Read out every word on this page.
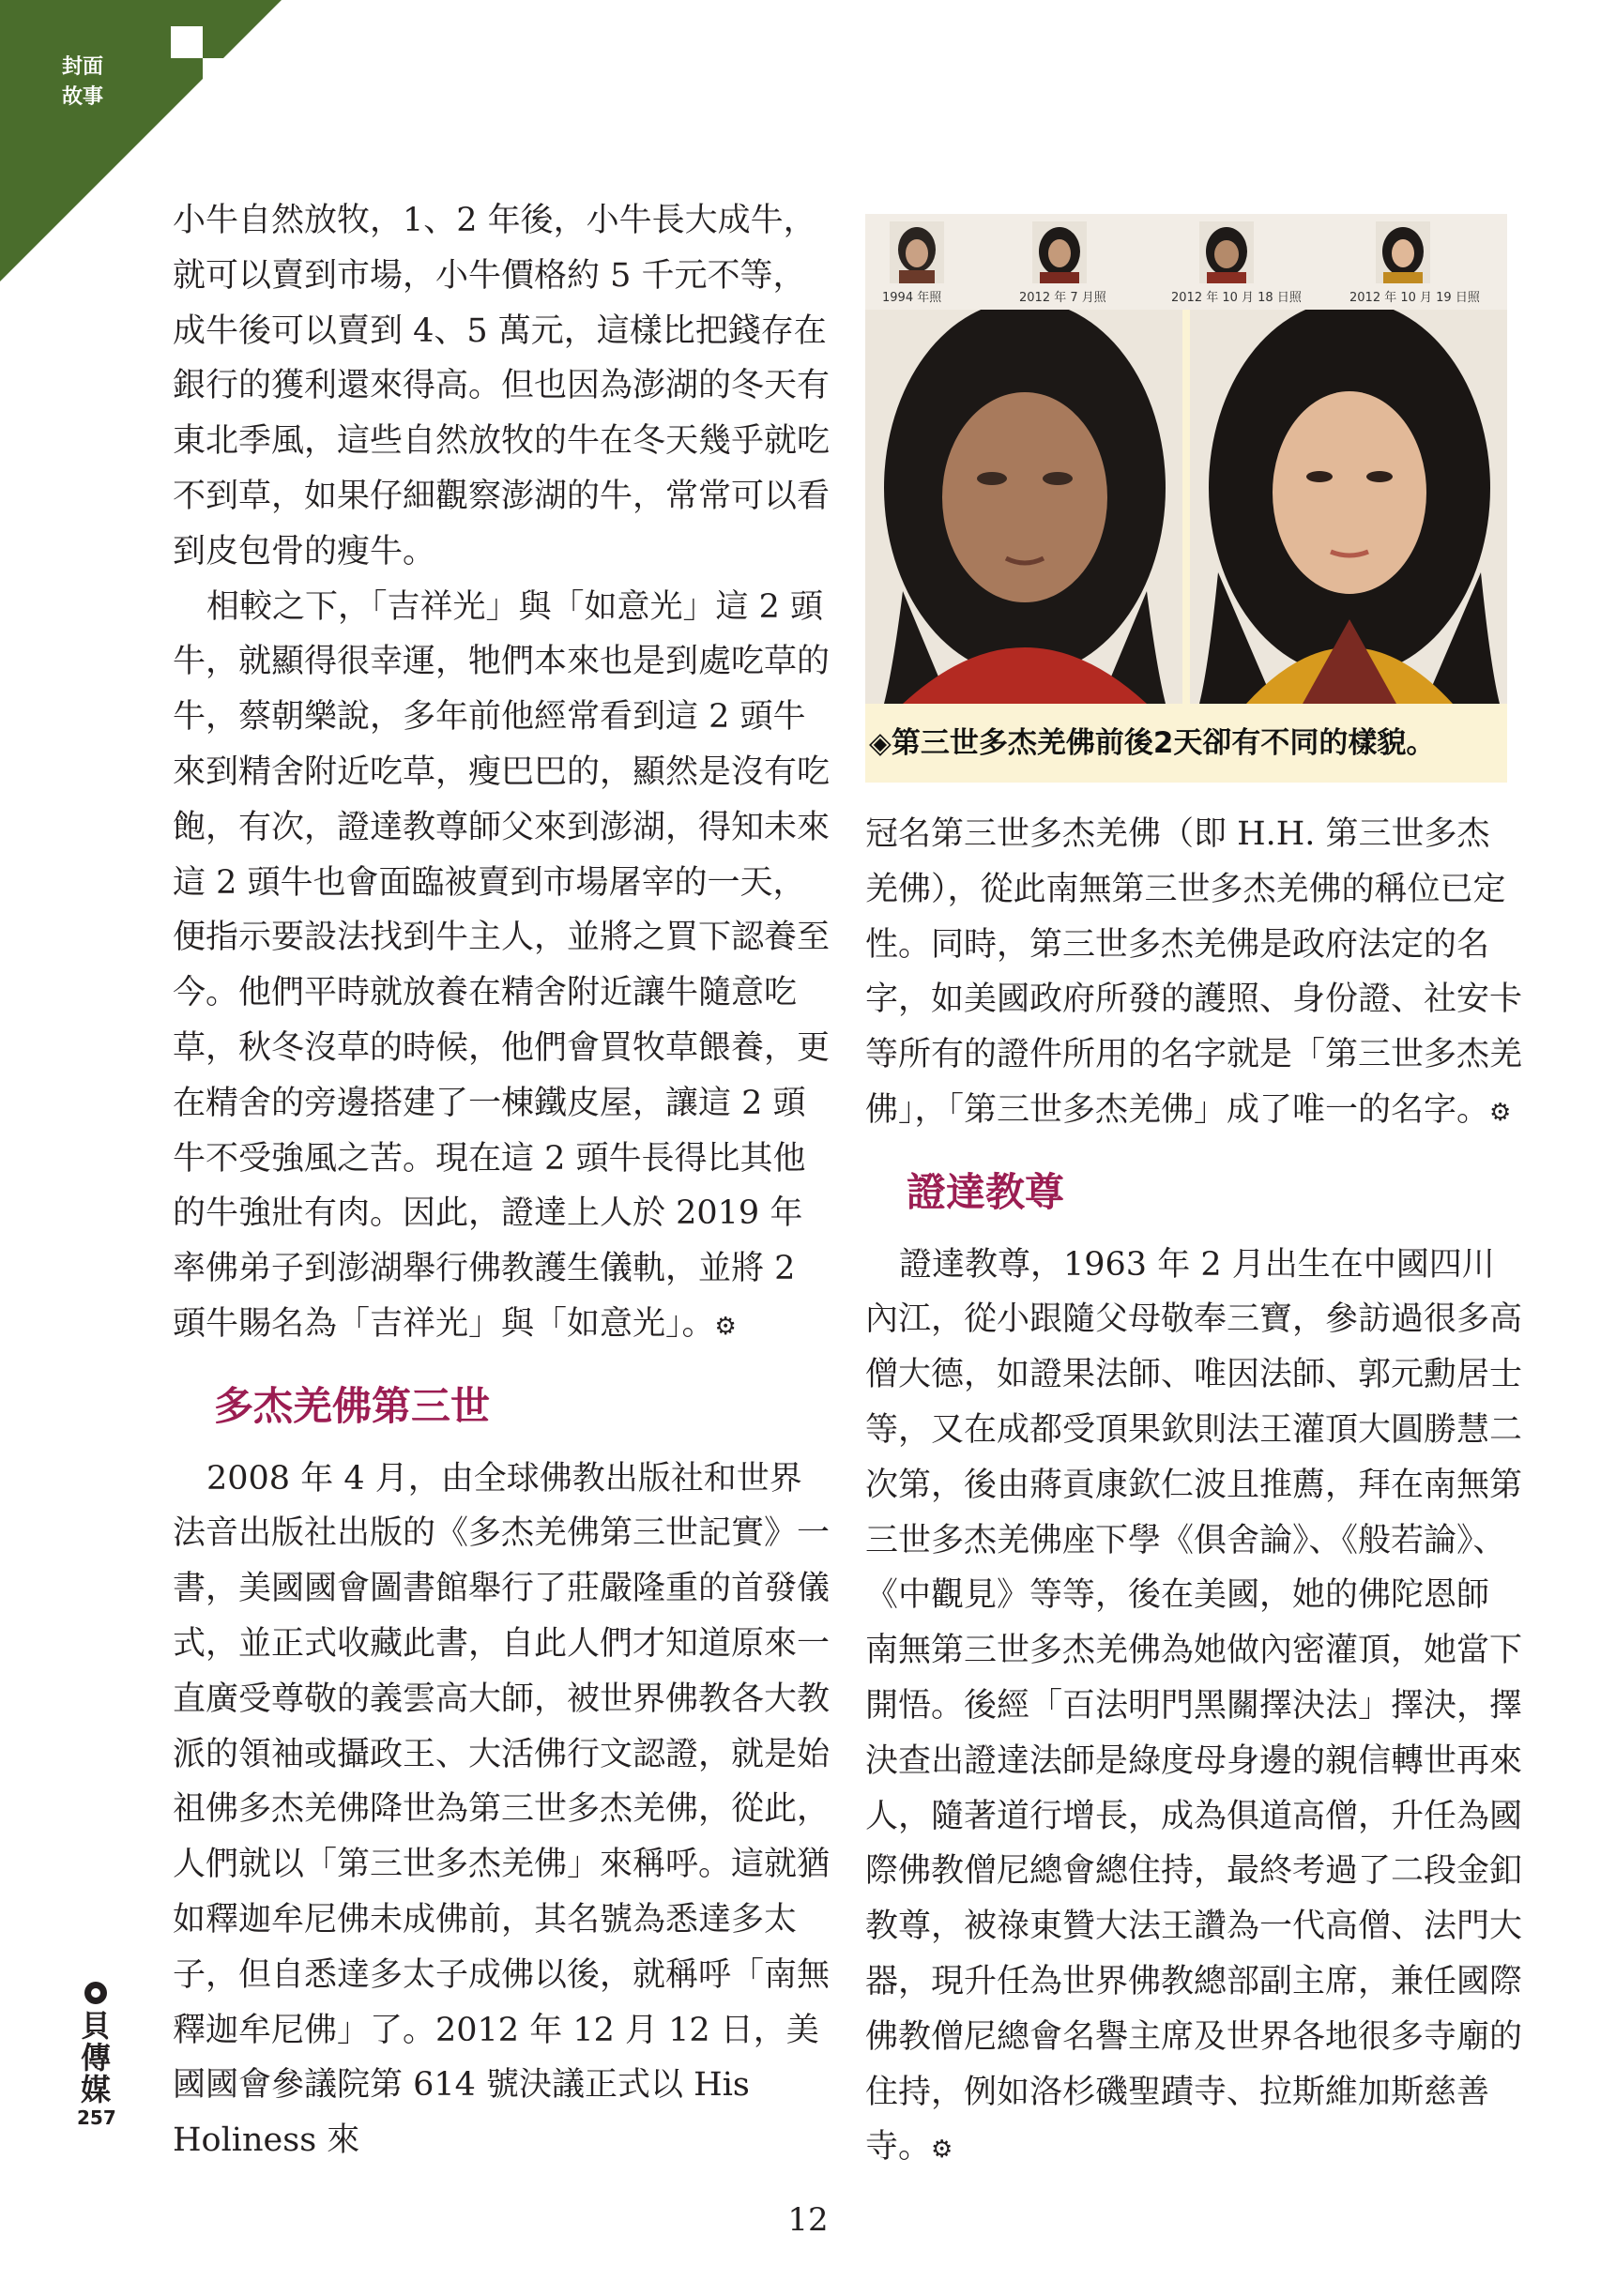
封面
故事

小牛自然放牧，1、2 年後，小牛長大成牛，就可以賣到市場，小牛價格約 5 千元不等，成牛後可以賣到 4、5 萬元，這樣比把錢存在銀行的獲利還來得高。但也因為澎湖的冬天有東北季風，這些自然放牧的牛在冬天幾乎就吃不到草，如果仔細觀察澎湖的牛，常常可以看到皮包骨的瘦牛。

相較之下，「吉祥光」與「如意光」這 2 頭牛，就顯得很幸運，牠們本來也是到處吃草的牛，蔡朝樂說，多年前他經常看到這 2 頭牛來到精舍附近吃草，瘦巴巴的，顯然是沒有吃飽，有次，證達教尊師父來到澎湖，得知未來這 2 頭牛也會面臨被賣到市場屠宰的一天，便指示要設法找到牛主人，並將之買下認養至今。他們平時就放養在精舍附近讓牛隨意吃草，秋冬沒草的時候，他們會買牧草餵養，更在精舍的旁邊搭建了一棟鐵皮屋，讓這 2 頭牛不受強風之苦。現在這 2 頭牛長得比其他的牛強壯有肉。因此，證達上人於 2019 年率佛弟子到澎湖舉行佛教護生儀軌，並將 2 頭牛賜名為「吉祥光」與「如意光」。⚙

多杰羌佛第三世

2008 年 4 月，由全球佛教出版社和世界法音出版社出版的《多杰羌佛第三世記實》一書，美國國會圖書館舉行了莊嚴隆重的首發儀式，並正式收藏此書，自此人們才知道原來一直廣受尊敬的義雲高大師，被世界佛教各大教派的領袖或攝政王、大活佛行文認證，就是始祖佛多杰羌佛降世為第三世多杰羌佛，從此，人們就以「第三世多杰羌佛」來稱呼。這就猶如釋迦牟尼佛未成佛前，其名號為悉達多太子，但自悉達多太子成佛以後，就稱呼「南無釋迦牟尼佛」了。2012 年 12 月 12 日，美國國會參議院第 614 號決議正式以 His Holiness 來

1994 年照	2012 年 7 月照	2012 年 10 月 18 日照	2012 年 10 月 19 日照
◈第三世多杰羌佛前後2天卻有不同的樣貌。

冠名第三世多杰羌佛（即 H.H. 第三世多杰羌佛），從此南無第三世多杰羌佛的稱位已定性。同時，第三世多杰羌佛是政府法定的名字，如美國政府所發的護照、身份證、社安卡等所有的證件所用的名字就是「第三世多杰羌佛」，「第三世多杰羌佛」成了唯一的名字。⚙

證達教尊

證達教尊，1963 年 2 月出生在中國四川內江，從小跟隨父母敬奉三寶，參訪過很多高僧大德，如證果法師、唯因法師、郭元勳居士等，又在成都受頂果欽則法王灌頂大圓勝慧二次第，後由蔣貢康欽仁波且推薦，拜在南無第三世多杰羌佛座下學《俱舍論》、《般若論》、《中觀見》等等，後在美國，她的佛陀恩師 南無第三世多杰羌佛為她做內密灌頂，她當下開悟。後經「百法明門黑關擇決法」擇決，擇決查出證達法師是綠度母身邊的親信轉世再來人，隨著道行增長，成為俱道高僧，升任為國際佛教僧尼總會總住持，最終考過了二段金釦教尊，被祿東贊大法王讚為一代高僧、法門大器，現升任為世界佛教總部副主席，兼任國際佛教僧尼總會名譽主席及世界各地很多寺廟的住持，例如洛杉磯聖蹟寺、拉斯維加斯慈善寺。⚙

貝
傳
媒
257
12
